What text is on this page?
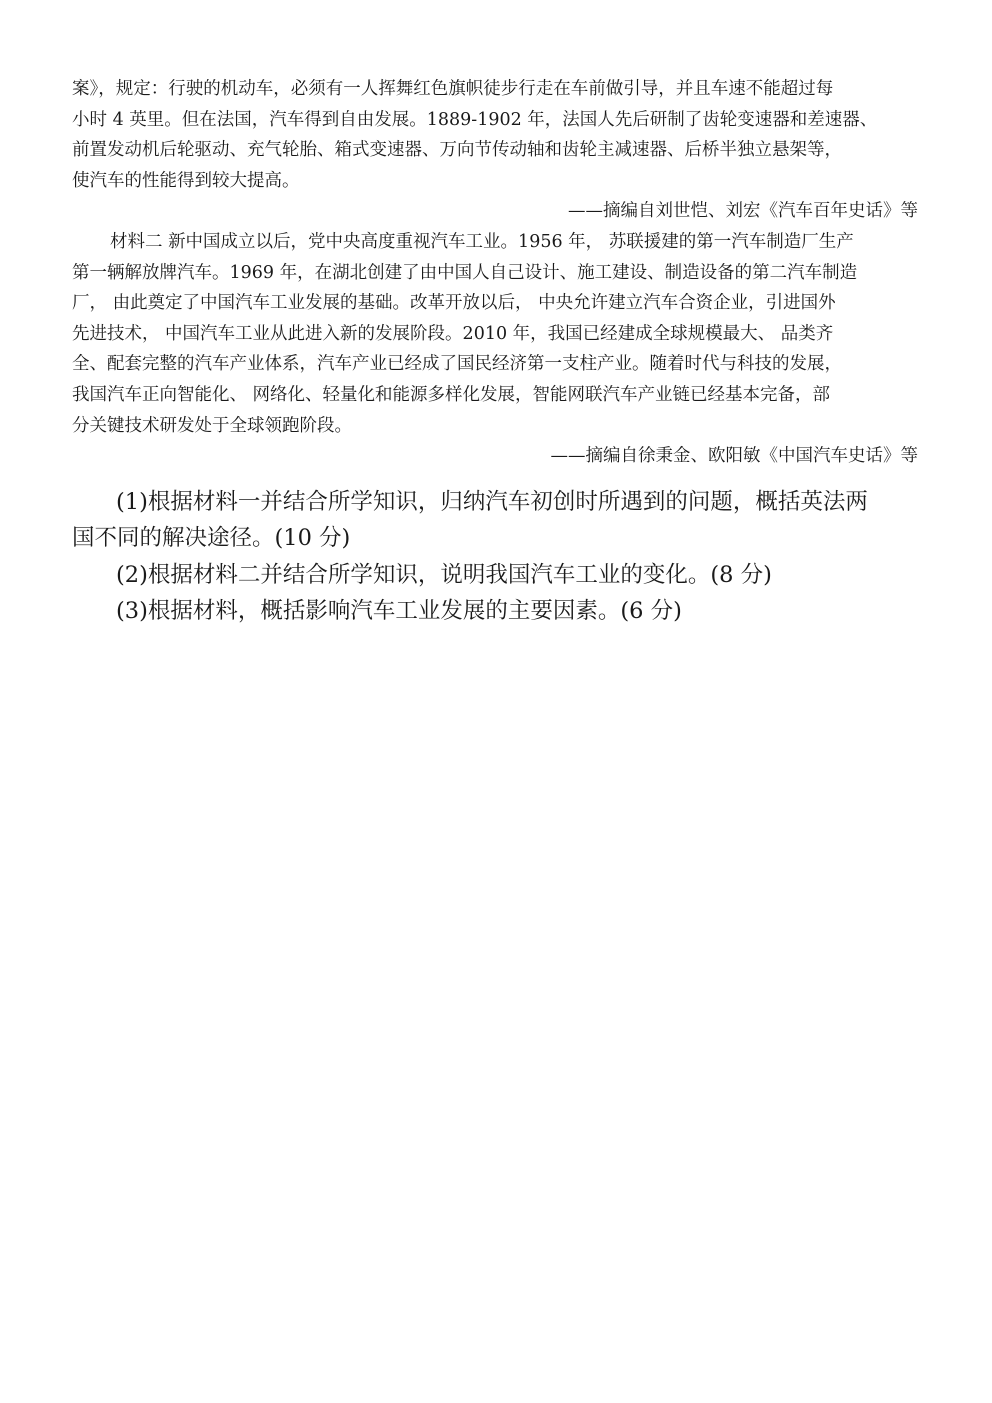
案》，规定：行驶的机动车，必须有一人挥舞红色旗帜徒步行走在车前做引导，并且车速不能超过每
小时 4 英里。但在法国，汽车得到自由发展。1889-1902 年，法国人先后研制了齿轮变速器和差速器、
前置发动机后轮驱动、充气轮胎、箱式变速器、万向节传动轴和齿轮主减速器、后桥半独立悬架等，
使汽车的性能得到较大提高。
——摘编自刘世恺、刘宏《汽车百年史话》等
材料二 新中国成立以后，党中央高度重视汽车工业。1956 年， 苏联援建的第一汽车制造厂生产
第一辆解放牌汽车。1969 年，在湖北创建了由中国人自己设计、施工建设、制造设备的第二汽车制造
厂， 由此奠定了中国汽车工业发展的基础。改革开放以后， 中央允许建立汽车合资企业，引进国外
先进技术， 中国汽车工业从此进入新的发展阶段。2010 年，我国已经建成全球规模最大、 品类齐
全、配套完整的汽车产业体系，汽车产业已经成了国民经济第一支柱产业。随着时代与科技的发展，
我国汽车正向智能化、 网络化、轻量化和能源多样化发展，智能网联汽车产业链已经基本完备，部
分关键技术研发处于全球领跑阶段。
——摘编自徐秉金、欧阳敏《中国汽车史话》等
(1)根据材料一并结合所学知识，归纳汽车初创时所遇到的问题，概括英法两
国不同的解决途径。(10 分)
(2)根据材料二并结合所学知识，说明我国汽车工业的变化。(8 分)
(3)根据材料，概括影响汽车工业发展的主要因素。(6 分)
